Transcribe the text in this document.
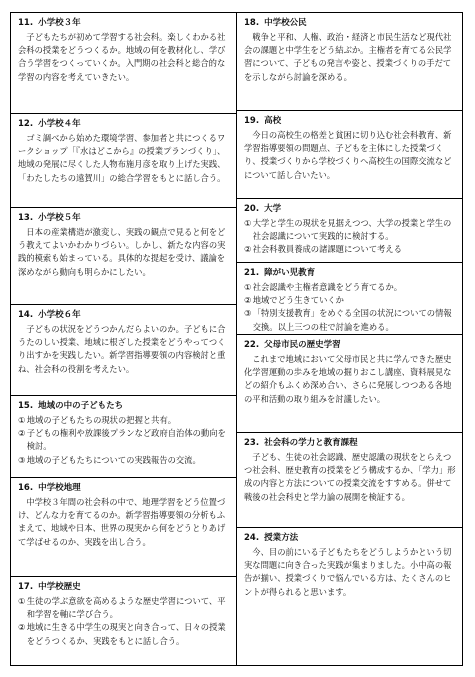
11. 小学校３年

子どもたちが初めて学習する社会科。楽しくわかる社会科の授業をどうつくるか。地域の何を教材化し、学び合う学習をつくっていくか。入門期の社会科と総合的な学習の内容を考えていきたい。

12. 小学校４年

ゴミ調べから始めた環境学習、参加者と共につくるワークショップ「『水はどこから』の授業プランづくり」、地域の発展に尽くした人物布施月彦を取り上げた実践、「わたしたちの遠賀川」の総合学習をもとに話し合う。

13. 小学校５年

日本の産業構造が激変し、実践の観点で見ると何をどう教えてよいかわかりづらい。しかし、新たな内容の実践的模索も始まっている。具体的な提起を受け、議論を深めながら動向も明らかにしたい。

14. 小学校６年

子どもの状況をどうつかんだらよいのか。子どもに合うたのしい授業、地域に根ざした授業をどうやってつくり出すかを実践したい。新学習指導要領の内容検討と重ね、社会科の役割を考えたい。

15. 地域の中の子どもたち

① 地域の子どもたちの現状の把握と共有。

② 子どもの権利や放課後プランなど政府自治体の動向を検討。

③ 地域の子どもたちについての実践報告の交流。

16. 中学校地理

中学校３年間の社会科の中で、地理学習をどう位置づけ、どんな力を育てるのか。新学習指導要領の分析もふまえて、地域や日本、世界の現実から何をどうとりあげて学ばせるのか、実践を出し合う。

17. 中学校歴史

① 生徒の学ぶ意欲を高めるような歴史学習について、平和学習を軸に学び合う。

② 地域に生きる中学生の現実と向き合って、日々の授業をどうつくるか、実践をもとに話し合う。

18. 中学校公民

戦争と平和、人権、政治・経済と市民生活など現代社会の課題と中学生をどう結ぶか。主権者を育てる公民学習について、子どもの発言や姿と、授業づくりの手だてを示しながら討論を深める。

19. 高校

今日の高校生の格差と貧困に切り込む社会科教育、新学習指導要領の問題点、子どもを主体にした授業づくり、授業づくりから学校づくりへ高校生の国際交流などについて話し合いたい。

20. 大学

① 大学と学生の現状を見据えつつ、大学の授業と学生の社会認識について実践的に検討する。

② 社会科教員養成の諸課題について考える

21. 障がい児教育

① 社会認識や主権者意識をどう育てるか。

② 地域でどう生きていくか

③ 「特別支援教育」をめぐる全国の状況についての情報交換。以上三つの柱で討論を進める。

22. 父母市民の歴史学習

これまで地域において父母市民と共に学んできた歴史化学習運動の歩みを地域の掘りおこし講座、資料展見などの紹介もふくめ深め合い、さらに発展しつつある各地の平和活動の取り組みを討議したい。

23. 社会科の学力と教育課程

子ども、生徒の社会認識、歴史認識の現状をとらえつつ社会科、歴史教育の授業をどう構成するか、「学力」形成の内容と方法についての授業交流をすすめる。併せて戦後の社会科史と学力論の展開を検証する。

24. 授業方法

今、目の前にいる子どもたちをどうしようかという切実な問題に向き合った実践が集まりました。小中高の報告が揃い、授業づくりで悩んでいる方は、たくさんのヒントが得られると思います。
